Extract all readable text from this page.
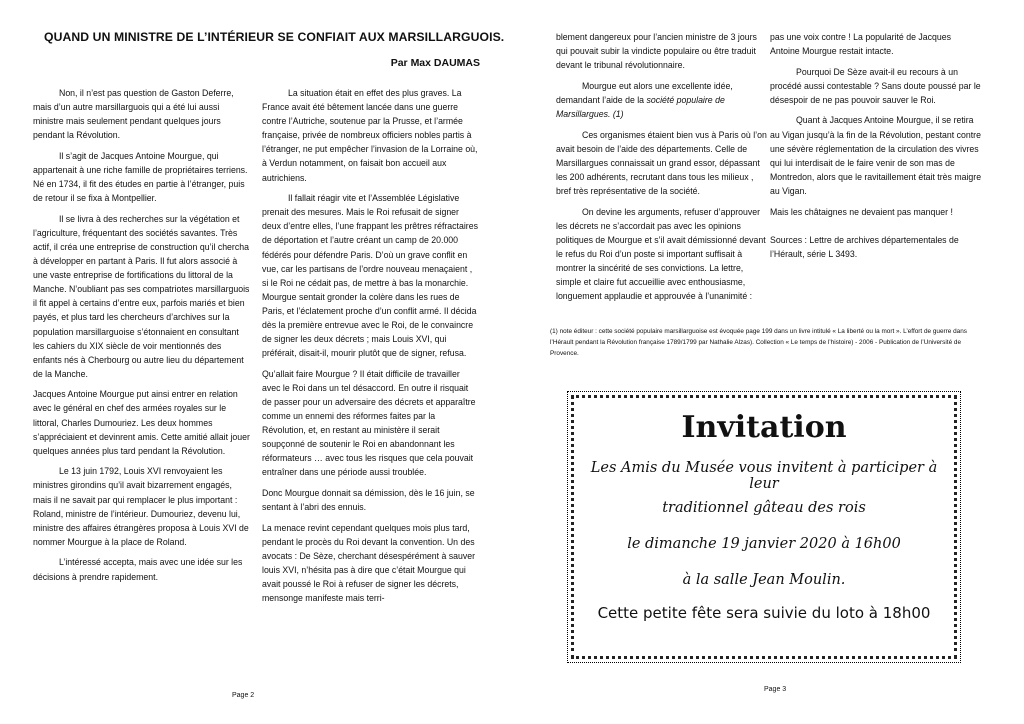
QUAND UN MINISTRE DE L’INTÉRIEUR SE CONFIAIT AUX MARSILLARGUOIS.
Par Max DAUMAS

Non, il n’est pas question de Gaston Deferre, mais d’un autre marsillarguois qui a été lui aussi ministre mais seulement pendant quelques jours pendant la Révolution.

Il s’agit de Jacques Antoine Mourgue, qui appartenait à une riche famille de propriétaires terriens. Né en 1734, il fit des études en partie à l’étranger, puis de retour il se fixa à Montpellier.

Il se livra à des recherches sur la végétation et l’agriculture, fréquentant des sociétés savantes. Très actif, il créa une entreprise de construction qu’il chercha à développer en partant à Paris. Il fut alors associé à une vaste entreprise de fortifications du littoral de la Manche. N’oubliant pas ses compatriotes marsillarguois il fit appel à certains d’entre eux, parfois mariés et bien payés, et plus tard les chercheurs d’archives sur la population marsillarguoise s’étonnaient en consultant les cahiers du XIX siècle de voir mentionnés des enfants nés à Cherbourg ou autre lieu du département de la Manche.

Jacques Antoine Mourgue put ainsi entrer en relation avec le général en chef des armées royales sur le littoral, Charles Dumouriez. Les deux hommes s’appréciaient et devinrent amis. Cette amitié allait jouer quelques années plus tard pendant la Révolution.

Le 13 juin 1792, Louis XVI renvoyaient les ministres girondins qu’il avait bizarrement engagés, mais il ne savait par qui remplacer le plus important : Roland, ministre de l’intérieur. Dumouriez, devenu lui, ministre des affaires étrangères proposa à Louis XVI de nommer Mourgue à la place de Roland.

L’intéressé accepta, mais avec une idée sur les décisions à prendre rapidement.

La situation était en effet des plus graves. La France avait été bêtement lancée dans une guerre contre l’Autriche, soutenue par la Prusse, et l’armée française, privée de nombreux officiers nobles partis à l’étranger, ne put empêcher l’invasion de la Lorraine où, à Verdun notamment, on faisait bon accueil aux autrichiens.

Il fallait réagir vite et l’Assemblée Législative prenait des mesures. Mais le Roi refusait de signer deux d’entre elles, l’une frappant les prêtres réfractaires de déportation et l’autre créant un camp de 20.000 fédérés pour défendre Paris. D’où un grave conflit en vue, car les partisans de l’ordre nouveau menaçaient , si le Roi ne cédait pas, de mettre à bas la monarchie. Mourgue sentait gronder la colère dans les rues de Paris, et l’éclatement proche d’un conflit armé. Il décida dès la première entrevue avec le Roi, de le convaincre de signer les deux décrets ; mais Louis XVI, qui préférait, disait-il, mourir plutôt que de signer, refusa.

Qu’allait faire Mourgue ? Il était difficile de travailler avec le Roi dans un tel désaccord. En outre il risquait de passer pour un adversaire des décrets et apparaître comme un ennemi des réformes faites par la Révolution, et, en restant au ministère il serait soupçonné de soutenir le Roi en abandonnant les réformateurs … avec tous les risques que cela pouvait entraîner dans une période aussi troublée.

Donc Mourgue donnait sa démission, dès le 16 juin, se sentant à l’abri des ennuis.

La menace revint cependant quelques mois plus tard, pendant le procès du Roi devant la convention. Un des avocats : De Sèze, cherchant désespérément à sauver louis XVI, n’hésita pas à dire que c’était Mourgue qui avait poussé le Roi à refuser de signer les décrets, mensonge manifeste mais terri-

Page 2

blement dangereux pour l’ancien ministre de 3 jours qui pouvait subir la vindicte populaire ou être traduit devant le tribunal révolutionnaire.

Mourgue eut alors une excellente idée, demandant l’aide de la société populaire de Marsillargues. (1)

Ces organismes étaient bien vus à Paris où l’on avait besoin de l’aide des départements. Celle de Marsillargues connaissait un grand essor, dépassant les 200 adhérents, recrutant dans tous les milieux , bref très représentative de la société.

On devine les arguments, refuser d’approuver les décrets ne s’accordait pas avec les opinions politiques de Mourgue et s’il avait démissionné devant le refus du Roi d’un poste si important suffisait à montrer la sincérité de ses convictions. La lettre, simple et claire fut accueillie avec enthousiasme, longuement applaudie et approuvée à l’unanimité :

pas une voix contre ! La popularité de Jacques Antoine Mourgue restait intacte.

Pourquoi De Sèze avait-il eu recours à un procédé aussi contestable ? Sans doute poussé par le désespoir de ne pas pouvoir sauver le Roi.

Quant à Jacques Antoine Mourgue, il se retira au Vigan jusqu’à la fin de la Révolution, pestant contre une sévère réglementation de la circulation des vivres qui lui interdisait de le faire venir de son mas de Montredon, alors que le ravitaillement était très maigre au Vigan.

Mais les châtaignes ne devaient pas manquer !

Sources : Lettre de archives départementales de l’Hérault, série L 3493.

(1) note éditeur : cette société populaire marsillarguoise est évoquée page 199 dans un livre intitulé « La liberté ou la mort ». L’effort de guerre dans l’Hérault pendant la Révolution française 1789/1799 par Nathalie Alzas). Collection « Le temps de l’histoire) - 2006 - Publication de l’Université de Provence.
Invitation
Les Amis du Musée vous invitent à participer à leur
traditionnel gâteau des rois
le dimanche 19 janvier 2020 à 16h00
à la salle Jean Moulin.
Cette petite fête sera suivie du loto à 18h00
Page 3
